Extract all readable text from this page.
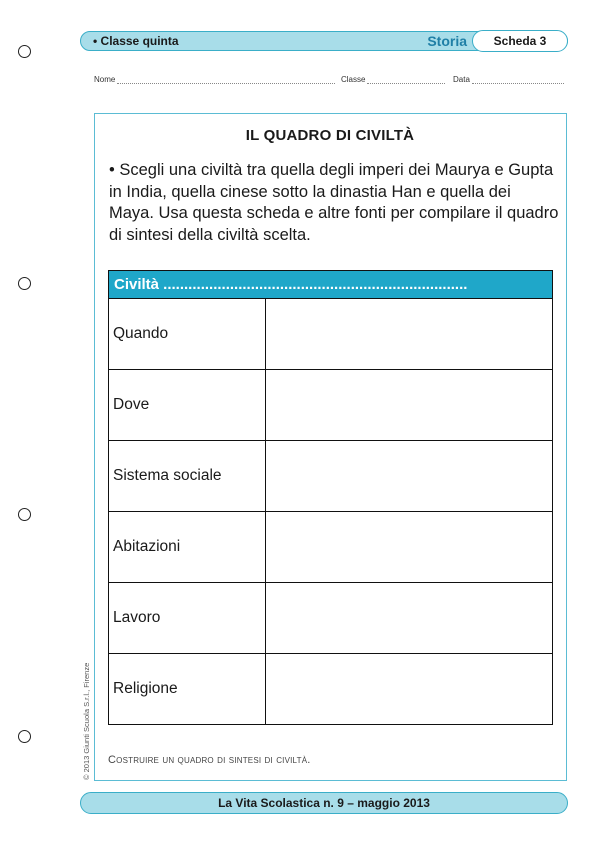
• Classe quinta	Storia	Scheda 3
Nome	Classe	Data
IL QUADRO DI CIVILTÀ
• Scegli una civiltà tra quella degli imperi dei Maurya e Gupta in India, quella cinese sotto la dinastia Han e quella dei Maya. Usa questa scheda e altre fonti per compilare il quadro di sintesi della civiltà scelta.
Civiltà .........................................................................
Quando
Dove
Sistema sociale
Abitazioni
Lavoro
Religione
Costruire un quadro di sintesi di civiltà.
© 2013 Giunti Scuola S.r.l., Firenze
La Vita Scolastica n. 9 – maggio 2013
